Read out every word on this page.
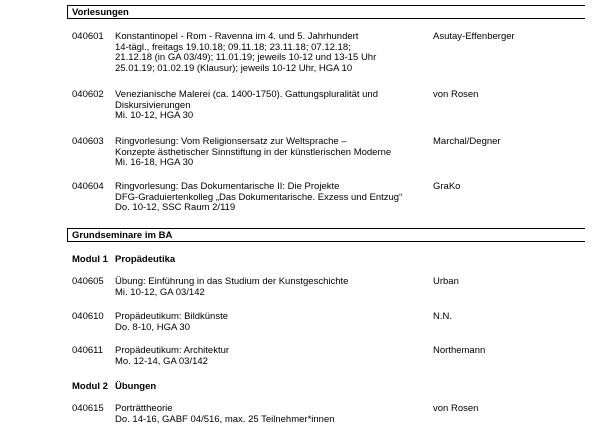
Vorlesungen
040601 Konstantinopel - Rom - Ravenna im 4. und 5. Jahrhundert
14-tägl., freitags 19.10.18; 09.11.18; 23.11.18; 07.12.18;
21.12.18 (in GA 03/49); 11.01.19; jeweils 10-12 und 13-15 Uhr
25.01.19; 01.02.19 (Klausur); jeweils 10-12 Uhr, HGA 10
Asutay-Effenberger
040602 Venezianische Malerei (ca. 1400-1750). Gattungspluralität und
Diskursivierungen
Mi. 10-12, HGA 30
von Rosen
040603 Ringvorlesung: Vom Religionsersatz zur Weltsprache –
Konzepte ästhetischer Sinnstiftung in der künstlerischen Moderne
Mi. 16-18, HGA 30
Marchal/Degner
040604 Ringvorlesung: Das Dokumentarische II: Die Projekte
DFG-Graduiertenkolleg „Das Dokumentarische. Exzess und Entzug“
Do. 10-12, SSC Raum 2/119
GraKo
Grundseminare im BA
Modul 1 Propädeutika
040605 Übung: Einführung in das Studium der Kunstgeschichte
Mi. 10-12, GA 03/142
Urban
040610 Propädeutikum: Bildkünste
Do. 8-10, HGA 30
N.N.
040611 Propädeutikum: Architektur
Mo. 12-14, GA 03/142
Northemann
Modul 2 Übungen
040615 Porträttheorie
Do. 14-16, GABF 04/516, max. 25 Teilnehmer*innen
von Rosen
